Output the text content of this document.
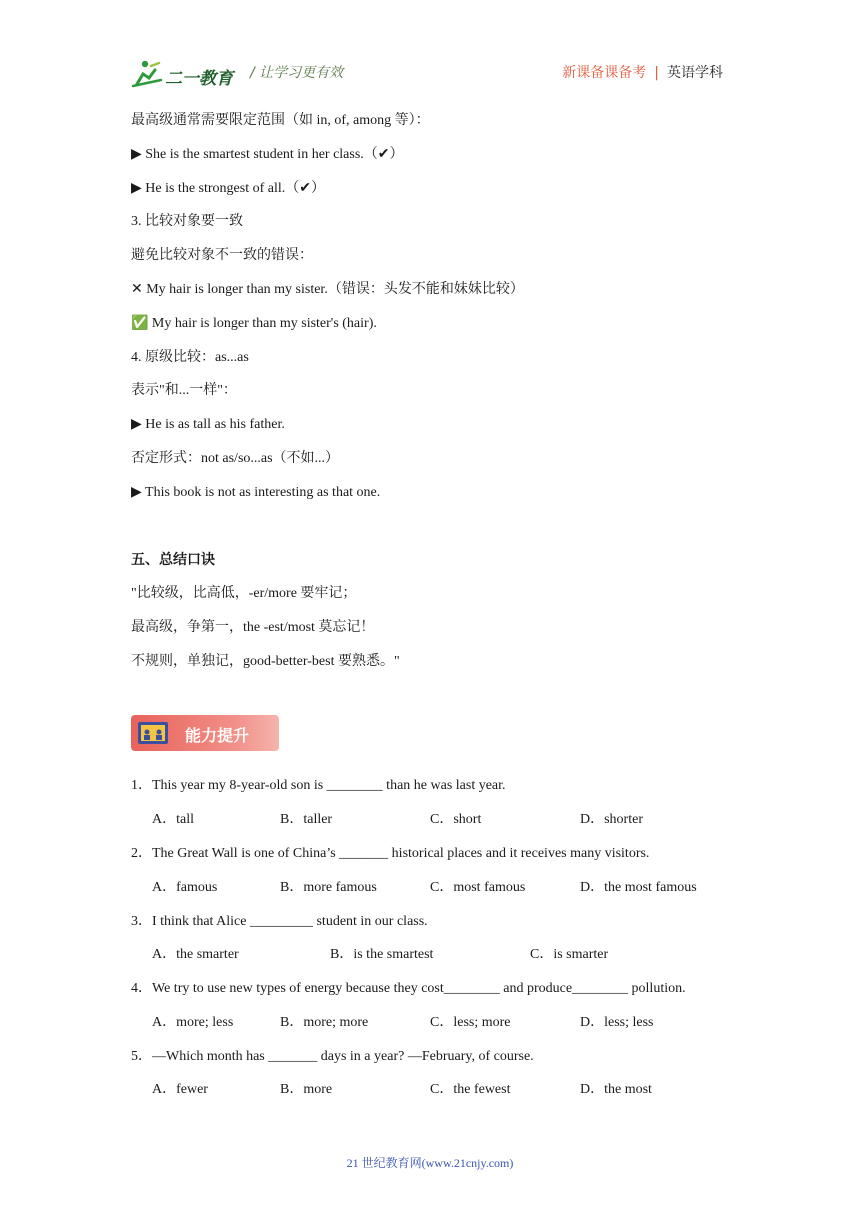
二一教育 / 让学习更有效	新课备课备考 | 英语学科
最高级通常需要限定范围（如 in, of, among 等）：
▶ She is the smartest student in her class.（✔）
▶ He is the strongest of all.（✔）
3. 比较对象要一致
避免比较对象不一致的错误：
✕ My hair is longer than my sister.（错误：头发不能和妹妹比较）
✅ My hair is longer than my sister's (hair).
4. 原级比较：as...as
表示"和...一样"：
▶ He is as tall as his father.
否定形式：not as/so...as（不如...）
▶ This book is not as interesting as that one.
五、总结口诀
"比较级，比高低，-er/more 要牢记；
最高级，争第一，the -est/most 莫忘记！
不规则，单独记，good-better-best 要熟悉。"
能力提升
1．This year my 8-year-old son is ________ than he was last year.
A．tall	B．taller	C．short	D．shorter
2．The Great Wall is one of China’s _______ historical places and it receives many visitors.
A．famous	B．more famous	C．most famous	D．the most famous
3．I think that Alice _________ student in our class.
A．the smarter	B．is the smartest	C．is smarter
4．We try to use new types of energy because they cost________ and produce________ pollution.
A．more; less	B．more; more	C．less; more	D．less; less
5．—Which month has _______ days in a year? —February, of course.
A．fewer	B．more	C．the fewest	D．the most
21 世纪教育网(www.21cnjy.com)
